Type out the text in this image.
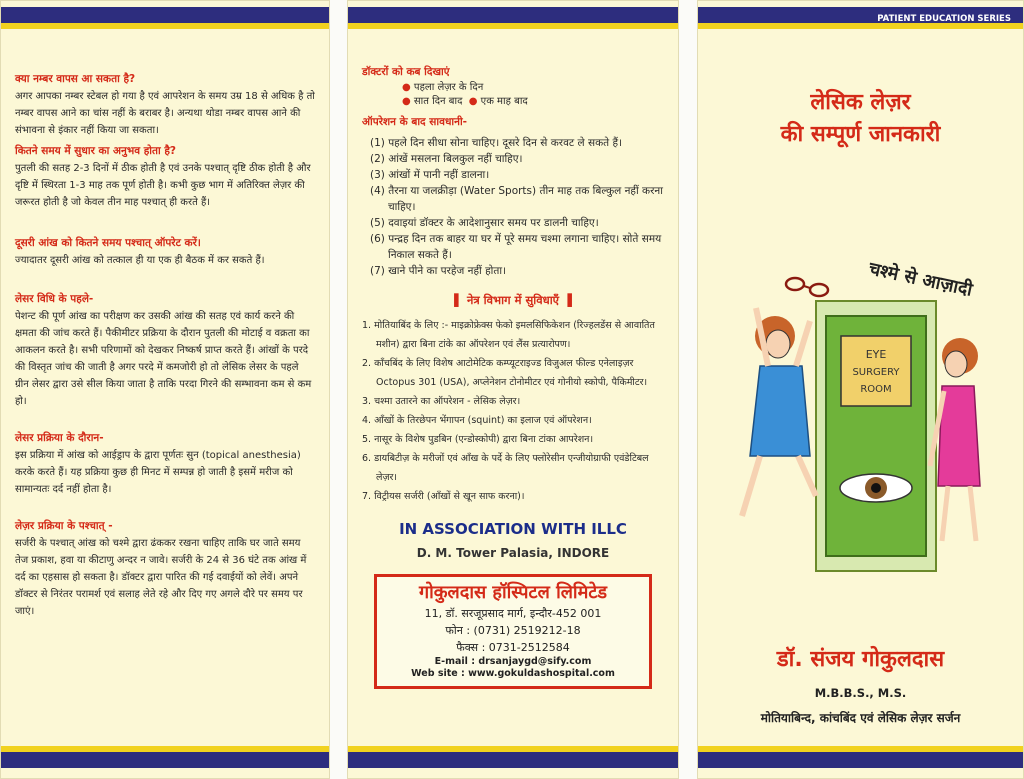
क्या नम्बर वापस आ सकता है?
अगर आपका नम्बर स्टेबल हो गया है एवं आपरेशन के समय उम्र 18 से अधिक है तो नम्बर वापस आने का चांस नहीं के बराबर है। अन्यथा थोडा नम्बर वापस आने की संभावना से इंकार नहीं किया जा सकता।
कितने समय में सुधार का अनुभव होता है?
पुतली की सतह 2-3 दिनों में ठीक होती है एवं उनके पश्चात् दृष्टि ठीक होती है और दृष्टि में स्थिरता 1-3 माह तक पूर्ण होती है। कभी कुछ भाग में अतिरिक्त लेज़र की जरूरत होती है जो केवल तीन माह पश्चात् ही करते हैं।
दूसरी आंख को कितने समय पश्चात् ऑपरेट करें।
ज्यादातर दूसरी आंख को तत्काल ही या एक ही बैठक में कर सकते हैं।
लेसर विधि के पहले-
पेशन्ट की पूर्ण आंख का परीक्षण कर उसकी आंख की सतह एवं कार्य करने की क्षमता की जांच करते हैं। पैकीमीटर प्रक्रिया के दौरान पुतली की मोटाई व वक्रता का आकलन करते है। सभी परिणामों को देखकर निष्कर्ष प्राप्त करते हैं। आंखों के परदे की विस्तृत जांच की जाती है अगर परदे में कमजोरी हो तो लेसिक लेसर के पहले ग्रीन लेसर द्वारा उसे सील किया जाता है ताकि परदा गिरने की सम्भावना कम से कम हो।
लेसर प्रक्रिया के दौरान-
इस प्रक्रिया में आंख को आईड्राप के द्वारा पूर्णतः सुन (topical anesthesia) करके करते हैं। यह प्रक्रिया कुछ ही मिनट में सम्पन्न हो जाती है इसमें मरीज को सामान्यतः दर्द नहीं होता है।
लेज़र प्रक्रिया के पश्चात् -
सर्जरी के पश्चात् आंख को चश्मे द्वारा ढंककर रखना चाहिए ताकि घर जाते समय तेज प्रकाश, हवा या कीटाणु अन्दर न जावे। सर्जरी के 24 से 36 घंटे तक आंख में दर्द का एहसास हो सकता है। डॉक्टर द्वारा पारित की गई दवाईयों को लेवें। अपने डॉक्टर से निरंतर परामर्श एवं सलाह लेते रहे और दिए गए अगले दौरे पर समय पर जाएं।
डॉक्टरों को कब दिखाएं
● पहला लेज़र के दिन
● सात दिन बाद ● एक माह बाद
ऑपरेशन के बाद सावधानी-
(1) पहले दिन सीधा सोना चाहिए। दूसरे दिन से करवट ले सकते हैं।
(2) आंखें मसलना बिलकुल नहीं चाहिए।
(3) आंखों में पानी नहीं डालना।
(4) तैरना या जलक्रीड़ा (Water Sports) तीन माह तक बिल्कुल नहीं करना चाहिए।
(5) दवाइयां डॉक्टर के आदेशानुसार समय पर डालनी चाहिए।
(6) पन्द्रह दिन तक बाहर या घर में पूरे समय चश्मा लगाना चाहिए। सोते समय निकाल सकते हैं।
(7) खाने पीने का परहेज नहीं होता।
▌ नेत्र विभाग में सुविधाएँ ▐
1. मोतियाबिंद के लिए :- माइक्रोफ्रेक्स फेको इमलसिफिकेशन (रिज्हलडेंस से आवातित मशीन) द्वारा बिना टांके का ऑपरेशन एवं लैंस प्रत्यारोपण।
2. काँचबिंद के लिए विशेष आटोमेटिक कम्प्यूटराइज्ड विजुअल फील्ड एनेलाइज़र Octopus 301 (USA), अप्लेनेशन टोनोमीटर एवं गोनीयो स्कोपी, पैकिमीटर।
3. चश्मा उतारने का ऑपरेशन - लेसिक लेज़र।
4. आँखों के तिरछेपन भेंगापन (squint) का इलाज एवं ऑपरेशन।
5. नासूर के विशेष पुडबिन (एन्डोस्कोपी) द्वारा बिना टांका आपरेशन।
6. डायबिटीज़ के मरीजों एवं आँख के पर्दे के लिए फ्लोरेसीन एन्जीयोग्राफी एवंडेटिबल लेज़र।
7. विट्रीयस सर्जरी (आँखों से खून साफ करना)।
IN ASSOCIATION WITH ILLC
D. M. Tower Palasia, INDORE
गोकुलदास हॉस्पिटल लिमिटेड
11, डॉ. सरजूप्रसाद मार्ग, इन्दौर-452 001
फोन : (0731) 2519212-18
फैक्स : 0731-2512584
E-mail : drsanjaygd@sify.com
Web site : www.gokuldashospital.com
PATIENT EDUCATION SERIES
लेसिक लेज़र
की सम्पूर्ण जानकारी
चश्मे से आज़ादी
EYE
SURGERY
ROOM
डॉ. संजय गोकुलदास
M.B.B.S., M.S.
मोतियाबिन्द, कांचबिंद एवं लेसिक लेज़र सर्जन
